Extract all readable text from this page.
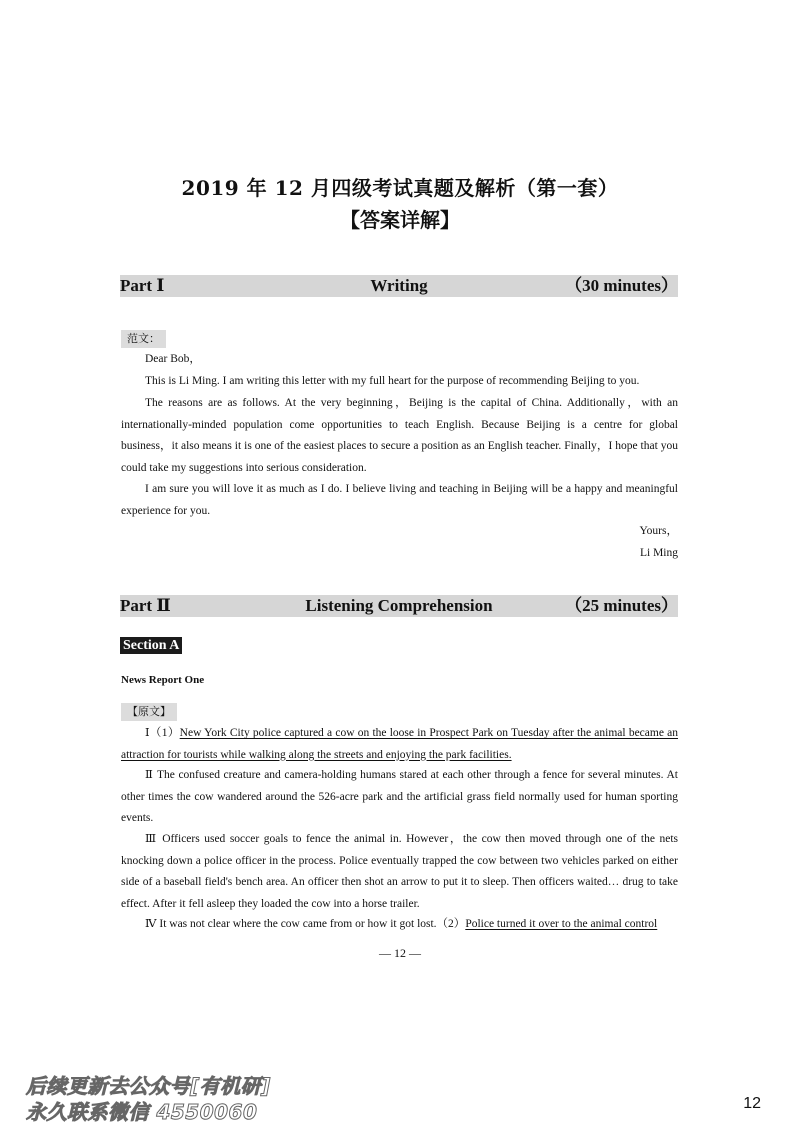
2019 年 12 月四级考试真题及解析（第一套）
【答案详解】
Part Ⅰ	Writing	（30 minutes）
范文：
Dear Bob，
This is Li Ming. I am writing this letter with my full heart for the purpose of recommending Beijing to you.
The reasons are as follows. At the very beginning，Beijing is the capital of China. Additionally，with an internationally-minded population come opportunities to teach English. Because Beijing is a centre for global business，it also means it is one of the easiest places to secure a position as an English teacher. Finally，I hope that you could take my suggestions into serious consideration.
I am sure you will love it as much as I do. I believe living and teaching in Beijing will be a happy and meaningful experience for you.
Yours，
Li Ming
Part Ⅱ	Listening Comprehension	（25 minutes）
Section A
News Report One
【原文】
Ⅰ（1）New York City police captured a cow on the loose in Prospect Park on Tuesday after the animal became an attraction for tourists while walking along the streets and enjoying the park facilities.
Ⅱ The confused creature and camera-holding humans stared at each other through a fence for several minutes. At other times the cow wandered around the 526-acre park and the artificial grass field normally used for human sporting events.
Ⅲ Officers used soccer goals to fence the animal in. However，the cow then moved through one of the nets knocking down a police officer in the process. Police eventually trapped the cow between two vehicles parked on either side of a baseball field's bench area. An officer then shot an arrow to put it to sleep. Then officers waited… drug to take effect. After it fell asleep they loaded the cow into a horse trailer.
Ⅳ It was not clear where the cow came from or how it got lost.（2）Police turned it over to the animal control
— 12 —
后续更新去公众号[有机研]
永久联系微信 4550060	12
